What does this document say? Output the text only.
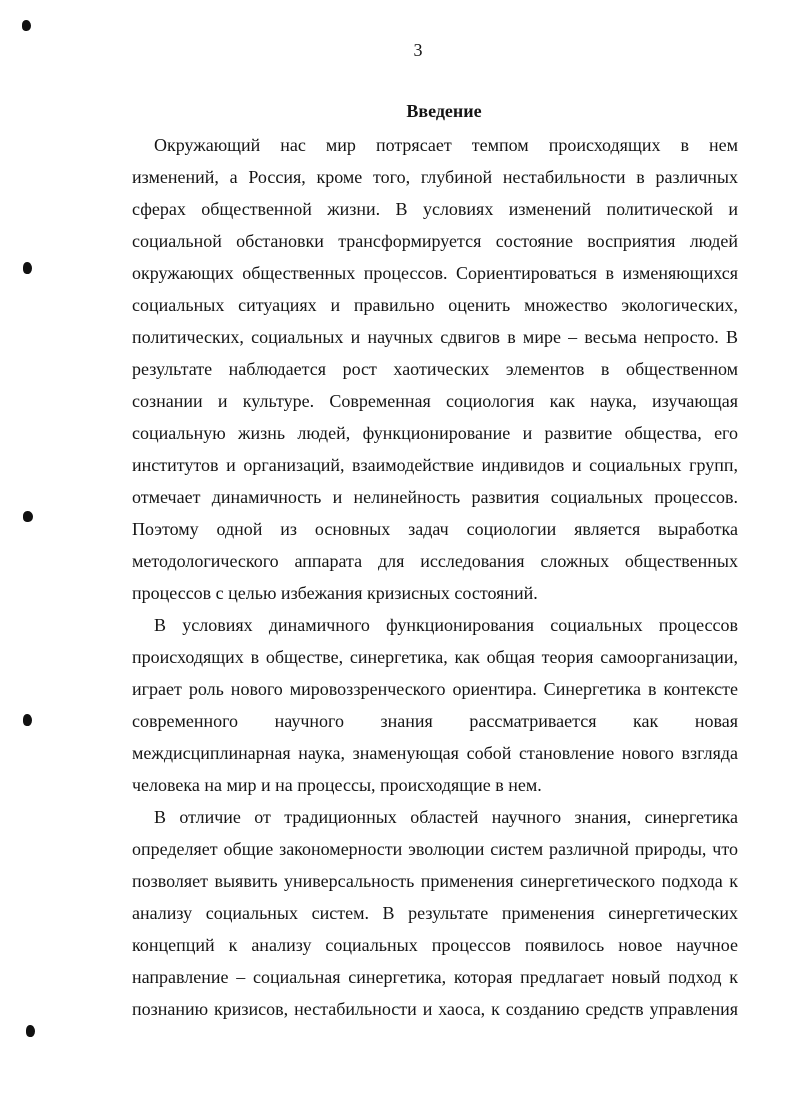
3
Введение
Окружающий нас мир потрясает темпом происходящих в нем
изменений, а Россия, кроме того, глубиной нестабильности в различных
сферах общественной жизни. В условиях изменений политической и
социальной обстановки трансформируется состояние восприятия людей
окружающих общественных процессов. Сориентироваться в изменяющихся
социальных ситуациях и правильно оценить множество экологических,
политических, социальных и научных сдвигов в мире – весьма непросто. В
результате наблюдается рост хаотических элементов в общественном
сознании и культуре. Современная социология как наука, изучающая
социальную жизнь людей, функционирование и развитие общества, его
институтов и организаций, взаимодействие индивидов и социальных групп,
отмечает динамичность и нелинейность развития социальных процессов.
Поэтому одной из основных задач социологии является выработка
методологического аппарата для исследования сложных общественных
процессов с целью избежания кризисных состояний.
В условиях динамичного функционирования социальных процессов
происходящих в обществе, синергетика, как общая теория самоорганизации,
играет роль нового мировоззренческого ориентира. Синергетика в контексте
современного научного знания рассматривается как новая
междисциплинарная наука, знаменующая собой становление нового взгляда
человека на мир и на процессы, происходящие в нем.
В отличие от традиционных областей научного знания, синергетика
определяет общие закономерности эволюции систем различной природы, что
позволяет выявить универсальность применения синергетического подхода к
анализу социальных систем. В результате применения синергетических
концепций к анализу социальных процессов появилось новое научное
направление – социальная синергетика, которая предлагает новый подход к
познанию кризисов, нестабильности и хаоса, к созданию средств управления
